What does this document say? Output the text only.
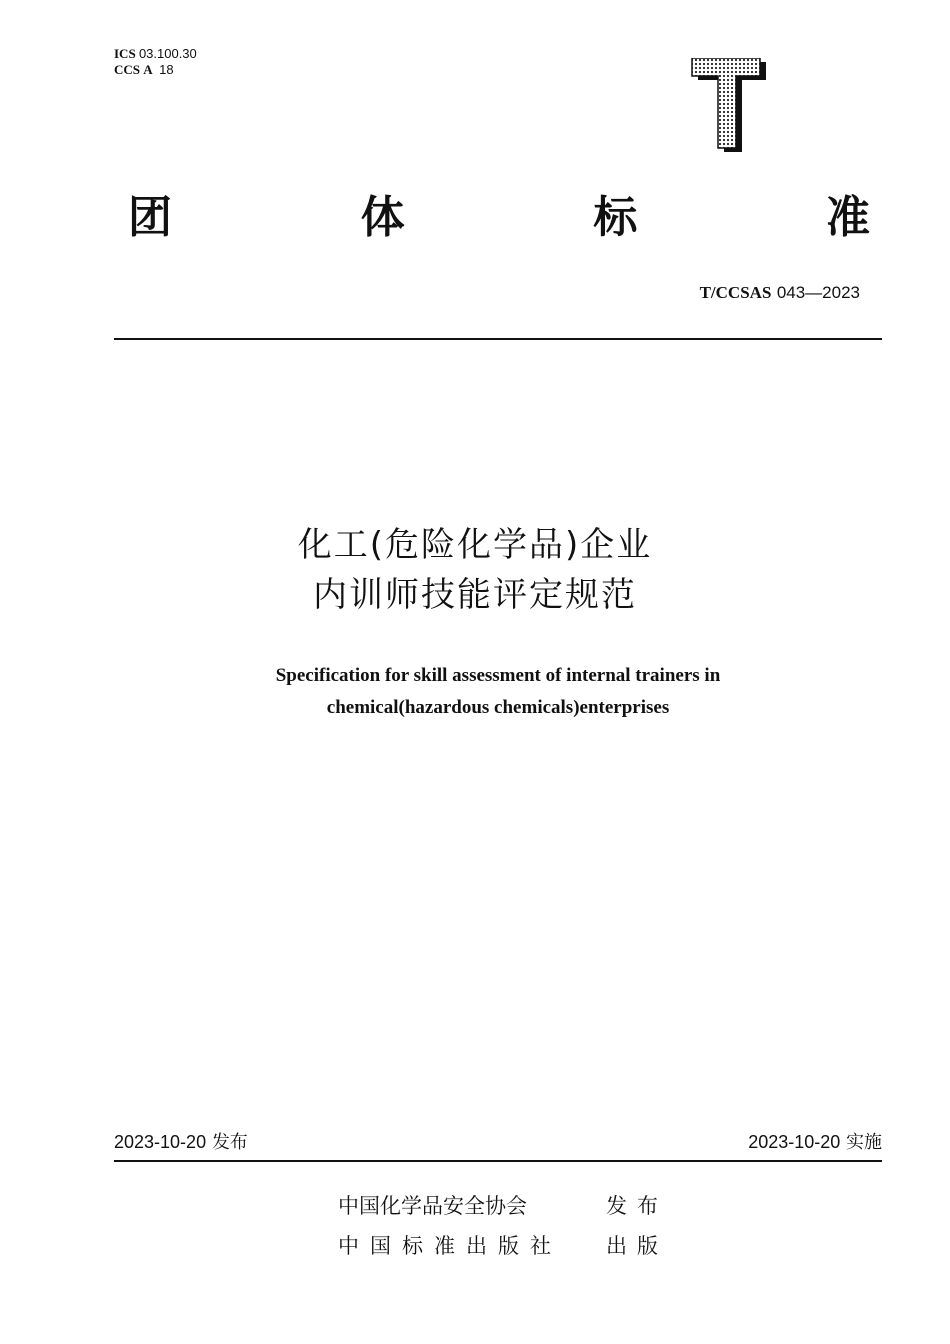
ICS 03.100.30
CCS A 18
团	体	标	准
T/CCSAS 043—2023
化工(危险化学品)企业
内训师技能评定规范
Specification for skill assessment of internal trainers in
chemical(hazardous chemicals)enterprises
2023-10-20 发布	2023-10-20 实施
中国化学品安全协会	发布
中国标准出版社	出版
